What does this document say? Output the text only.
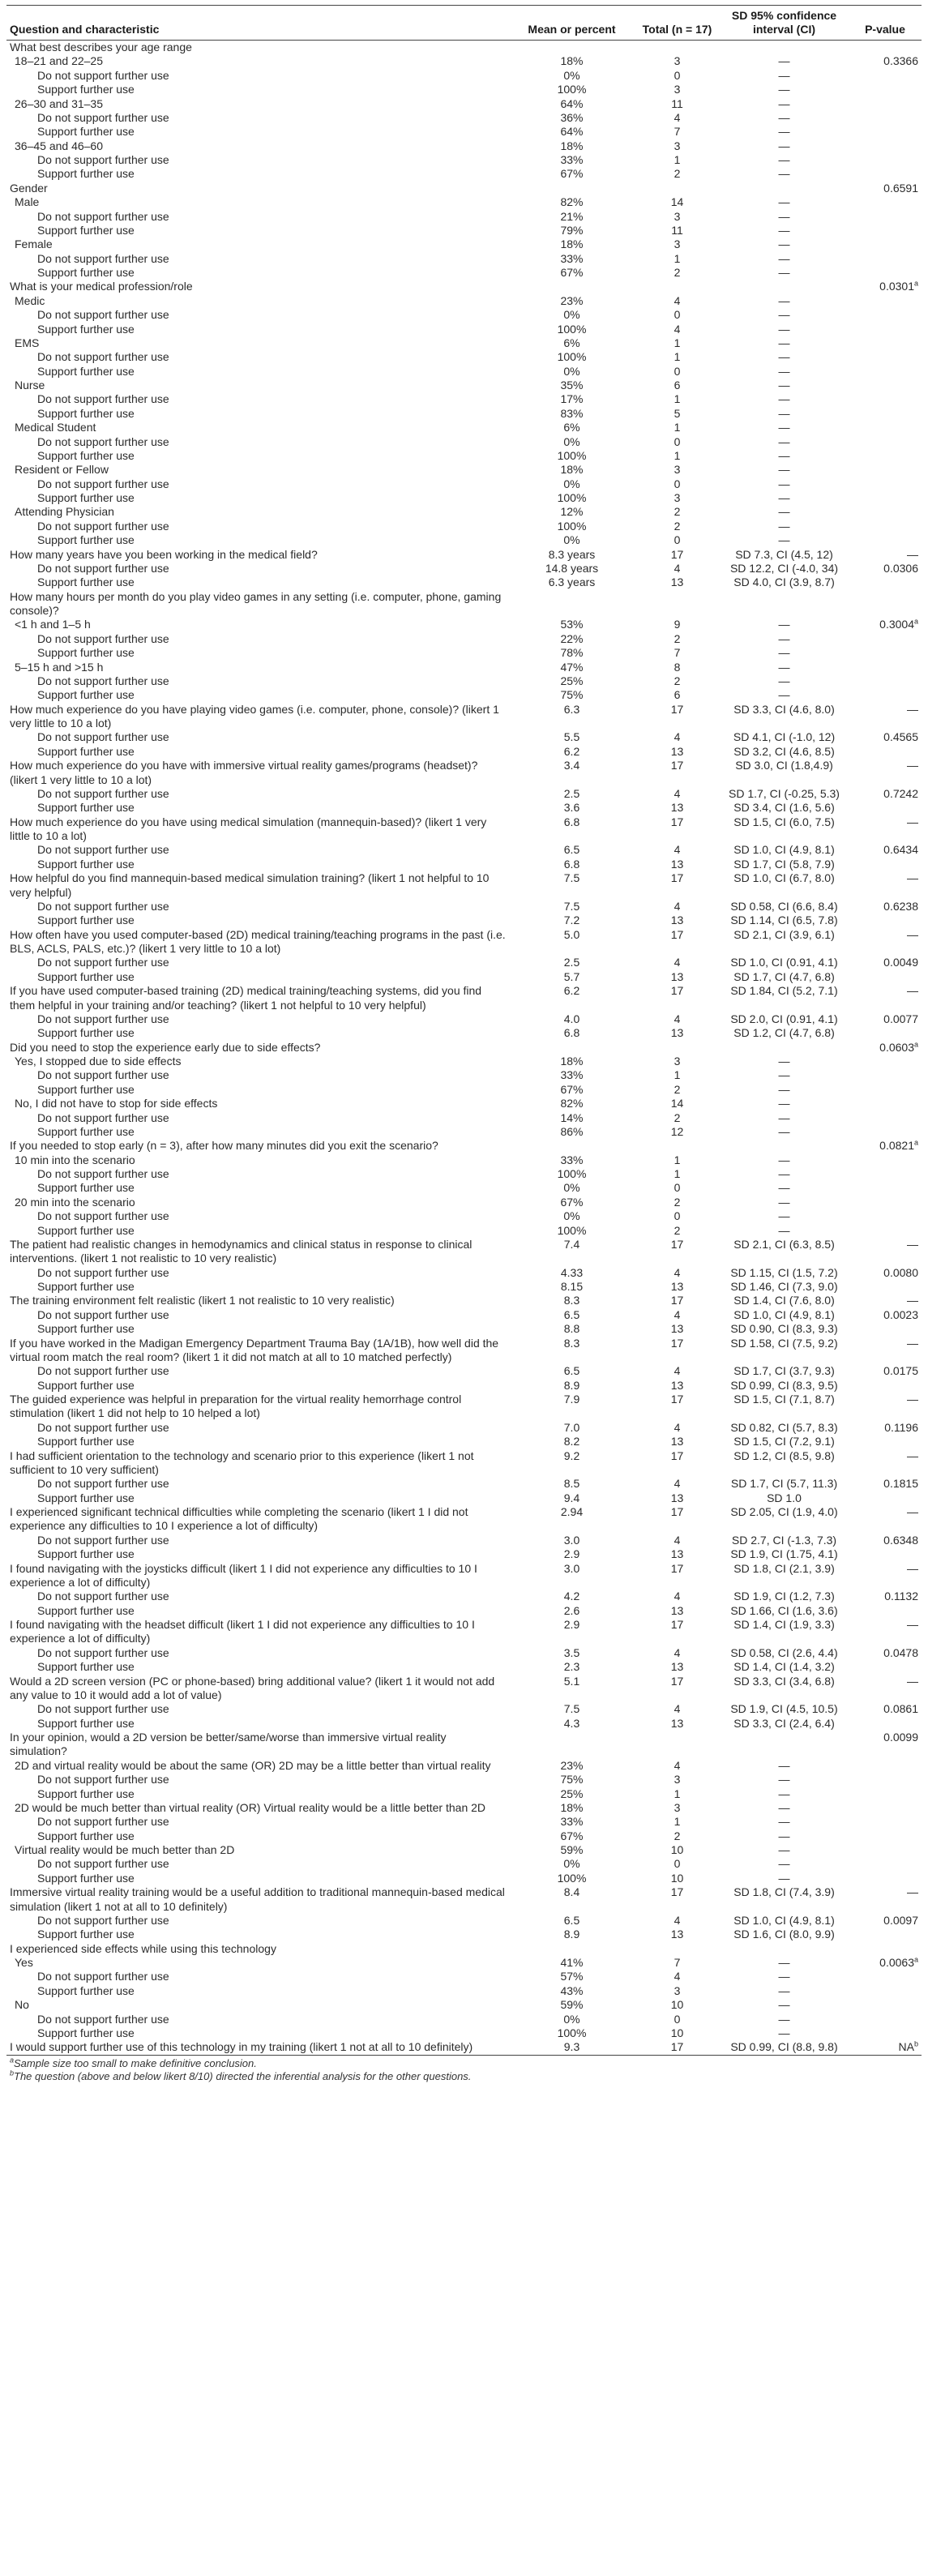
Question and characteristic	Mean or percent	Total (n = 17)	SD 95% confidence interval (CI)	P-value
What best describes your age range				
18–21 and 22–25	18%	3	—	0.3366
Do not support further use	0%	0	—	
Support further use	100%	3	—	
26–30 and 31–35	64%	11	—	
Do not support further use	36%	4	—	
Support further use	64%	7	—	
36–45 and 46–60	18%	3	—	
Do not support further use	33%	1	—	
Support further use	67%	2	—	
Gender				0.6591
Male	82%	14	—	
Do not support further use	21%	3	—	
Support further use	79%	11	—	
Female	18%	3	—	
Do not support further use	33%	1	—	
Support further use	67%	2	—	
What is your medical profession/role				0.0301$^a$
Medic	23%	4	—	
Do not support further use	0%	0	—	
Support further use	100%	4	—	
EMS	6%	1	—	
Do not support further use	100%	1	—	
Support further use	0%	0	—	
Nurse	35%	6	—	
Do not support further use	17%	1	—	
Support further use	83%	5	—	
Medical Student	6%	1	—	
Do not support further use	0%	0	—	
Support further use	100%	1	—	
Resident or Fellow	18%	3	—	
Do not support further use	0%	0	—	
Support further use	100%	3	—	
Attending Physician	12%	2	—	
Do not support further use	100%	2	—	
Support further use	0%	0	—	
How many years have you been working in the medical field?	8.3 years	17	SD 7.3, CI (4.5, 12)	—
Do not support further use	14.8 years	4	SD 12.2, CI (-4.0, 34)	0.0306
Support further use	6.3 years	13	SD 4.0, CI (3.9, 8.7)	
How many hours per month do you play video games in any setting (i.e. computer, phone, gaming console)?				
<1 h and 1–5 h	53%	9	—	0.3004$^a$
Do not support further use	22%	2	—	
Support further use	78%	7	—	
5–15 h and >15 h	47%	8	—	
Do not support further use	25%	2	—	
Support further use	75%	6	—	
How much experience do you have playing video games (i.e. computer, phone, console)? (likert 1 very little to 10 a lot)	6.3	17	SD 3.3, CI (4.6, 8.0)	—
Do not support further use	5.5	4	SD 4.1, CI (-1.0, 12)	0.4565
Support further use	6.2	13	SD 3.2, CI (4.6, 8.5)	
How much experience do you have with immersive virtual reality games/programs (headset)? (likert 1 very little to 10 a lot)	3.4	17	SD 3.0, CI (1.8,4.9)	—
Do not support further use	2.5	4	SD 1.7, CI (-0.25, 5.3)	0.7242
Support further use	3.6	13	SD 3.4, CI (1.6, 5.6)	
How much experience do you have using medical simulation (mannequin-based)? (likert 1 very little to 10 a lot)	6.8	17	SD 1.5, CI (6.0, 7.5)	—
Do not support further use	6.5	4	SD 1.0, CI (4.9, 8.1)	0.6434
Support further use	6.8	13	SD 1.7, CI (5.8, 7.9)	
How helpful do you find mannequin-based medical simulation training? (likert 1 not helpful to 10 very helpful)	7.5	17	SD 1.0, CI (6.7, 8.0)	—
Do not support further use	7.5	4	SD 0.58, CI (6.6, 8.4)	0.6238
Support further use	7.2	13	SD 1.14, CI (6.5, 7.8)	
How often have you used computer-based (2D) medical training/teaching programs in the past (i.e. BLS, ACLS, PALS, etc.)? (likert 1 very little to 10 a lot)	5.0	17	SD 2.1, CI (3.9, 6.1)	—
Do not support further use	2.5	4	SD 1.0, CI (0.91, 4.1)	0.0049
Support further use	5.7	13	SD 1.7, CI (4.7, 6.8)	
If you have used computer-based training (2D) medical training/teaching systems, did you find them helpful in your training and/or teaching? (likert 1 not helpful to 10 very helpful)	6.2	17	SD 1.84, CI (5.2, 7.1)	—
Do not support further use	4.0	4	SD 2.0, CI (0.91, 4.1)	0.0077
Support further use	6.8	13	SD 1.2, CI (4.7, 6.8)	
Did you need to stop the experience early due to side effects?				0.0603$^a$
Yes, I stopped due to side effects	18%	3	—	
Do not support further use	33%	1	—	
Support further use	67%	2	—	
No, I did not have to stop for side effects	82%	14	—	
Do not support further use	14%	2	—	
Support further use	86%	12	—	
If you needed to stop early (n = 3), after how many minutes did you exit the scenario?				0.0821$^a$
10 min into the scenario	33%	1	—	
Do not support further use	100%	1	—	
Support further use	0%	0	—	
20 min into the scenario	67%	2	—	
Do not support further use	0%	0	—	
Support further use	100%	2	—	
The patient had realistic changes in hemodynamics and clinical status in response to clinical interventions. (likert 1 not realistic to 10 very realistic)	7.4	17	SD 2.1, CI (6.3, 8.5)	—
Do not support further use	4.33	4	SD 1.15, CI (1.5, 7.2)	0.0080
Support further use	8.15	13	SD 1.46, CI (7.3, 9.0)	
The training environment felt realistic (likert 1 not realistic to 10 very realistic)	8.3	17	SD 1.4, CI (7.6, 8.0)	—
Do not support further use	6.5	4	SD 1.0, CI (4.9, 8.1)	0.0023
Support further use	8.8	13	SD 0.90, CI (8.3, 9.3)	
If you have worked in the Madigan Emergency Department Trauma Bay (1A/1B), how well did the virtual room match the real room? (likert 1 it did not match at all to 10 matched perfectly)	8.3	17	SD 1.58, CI (7.5, 9.2)	—
Do not support further use	6.5	4	SD 1.7, CI (3.7, 9.3)	0.0175
Support further use	8.9	13	SD 0.99, CI (8.3, 9.5)	
The guided experience was helpful in preparation for the virtual reality hemorrhage control stimulation (likert 1 did not help to 10 helped a lot)	7.9	17	SD 1.5, CI (7.1, 8.7)	—
Do not support further use	7.0	4	SD 0.82, CI (5.7, 8.3)	0.1196
Support further use	8.2	13	SD 1.5, CI (7.2, 9.1)	
I had sufficient orientation to the technology and scenario prior to this experience (likert 1 not sufficient to 10 very sufficient)	9.2	17	SD 1.2, CI (8.5, 9.8)	—
Do not support further use	8.5	4	SD 1.7, CI (5.7, 11.3)	0.1815
Support further use	9.4	13	SD 1.0	
I experienced significant technical difficulties while completing the scenario (likert 1 I did not experience any difficulties to 10 I experience a lot of difficulty)	2.94	17	SD 2.05, CI (1.9, 4.0)	—
Do not support further use	3.0	4	SD 2.7, CI (-1.3, 7.3)	0.6348
Support further use	2.9	13	SD 1.9, CI (1.75, 4.1)	
I found navigating with the joysticks difficult (likert 1 I did not experience any difficulties to 10 I experience a lot of difficulty)	3.0	17	SD 1.8, CI (2.1, 3.9)	—
Do not support further use	4.2	4	SD 1.9, CI (1.2, 7.3)	0.1132
Support further use	2.6	13	SD 1.66, CI (1.6, 3.6)	
I found navigating with the headset difficult (likert 1 I did not experience any difficulties to 10 I experience a lot of difficulty)	2.9	17	SD 1.4, CI (1.9, 3.3)	—
Do not support further use	3.5	4	SD 0.58, CI (2.6, 4.4)	0.0478
Support further use	2.3	13	SD 1.4, CI (1.4, 3.2)	
Would a 2D screen version (PC or phone-based) bring additional value? (likert 1 it would not add any value to 10 it would add a lot of value)	5.1	17	SD 3.3, CI (3.4, 6.8)	—
Do not support further use	7.5	4	SD 1.9, CI (4.5, 10.5)	0.0861
Support further use	4.3	13	SD 3.3, CI (2.4, 6.4)	
In your opinion, would a 2D version be better/same/worse than immersive virtual reality simulation?				0.0099
2D and virtual reality would be about the same (OR) 2D may be a little better than virtual reality	23%	4	—	
Do not support further use	75%	3	—	
Support further use	25%	1	—	
2D would be much better than virtual reality (OR) Virtual reality would be a little better than 2D	18%	3	—	
Do not support further use	33%	1	—	
Support further use	67%	2	—	
Virtual reality would be much better than 2D	59%	10	—	
Do not support further use	0%	0	—	
Support further use	100%	10	—	
Immersive virtual reality training would be a useful addition to traditional mannequin-based medical simulation (likert 1 not at all to 10 definitely)	8.4	17	SD 1.8, CI (7.4, 3.9)	—
Do not support further use	6.5	4	SD 1.0, CI (4.9, 8.1)	0.0097
Support further use	8.9	13	SD 1.6, CI (8.0, 9.9)	
I experienced side effects while using this technology				
Yes	41%	7	—	0.0063$^a$
Do not support further use	57%	4	—	
Support further use	43%	3	—	
No	59%	10	—	
Do not support further use	0%	0	—	
Support further use	100%	10	—	
I would support further use of this technology in my training (likert 1 not at all to 10 definitely)	9.3	17	SD 0.99, CI (8.8, 9.8)	$NA^b$
$^a$Sample size too small to make definitive conclusion.
$^b$The question (above and below likert 8/10) directed the inferential analysis for the other questions.
